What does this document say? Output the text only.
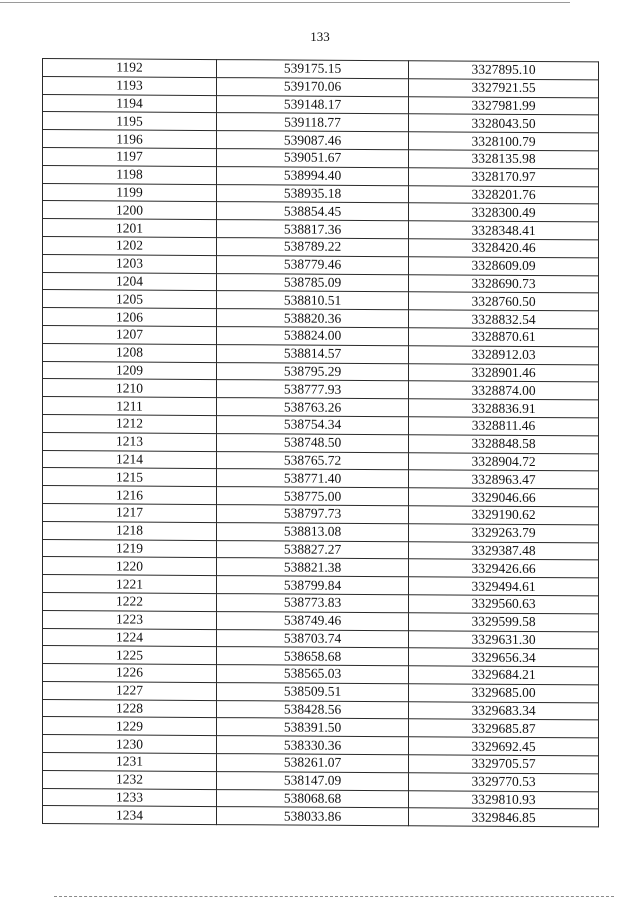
133
1192	539175.15	3327895.10
1193	539170.06	3327921.55
1194	539148.17	3327981.99
1195	539118.77	3328043.50
1196	539087.46	3328100.79
1197	539051.67	3328135.98
1198	538994.40	3328170.97
1199	538935.18	3328201.76
1200	538854.45	3328300.49
1201	538817.36	3328348.41
1202	538789.22	3328420.46
1203	538779.46	3328609.09
1204	538785.09	3328690.73
1205	538810.51	3328760.50
1206	538820.36	3328832.54
1207	538824.00	3328870.61
1208	538814.57	3328912.03
1209	538795.29	3328901.46
1210	538777.93	3328874.00
1211	538763.26	3328836.91
1212	538754.34	3328811.46
1213	538748.50	3328848.58
1214	538765.72	3328904.72
1215	538771.40	3328963.47
1216	538775.00	3329046.66
1217	538797.73	3329190.62
1218	538813.08	3329263.79
1219	538827.27	3329387.48
1220	538821.38	3329426.66
1221	538799.84	3329494.61
1222	538773.83	3329560.63
1223	538749.46	3329599.58
1224	538703.74	3329631.30
1225	538658.68	3329656.34
1226	538565.03	3329684.21
1227	538509.51	3329685.00
1228	538428.56	3329683.34
1229	538391.50	3329685.87
1230	538330.36	3329692.45
1231	538261.07	3329705.57
1232	538147.09	3329770.53
1233	538068.68	3329810.93
1234	538033.86	3329846.85
